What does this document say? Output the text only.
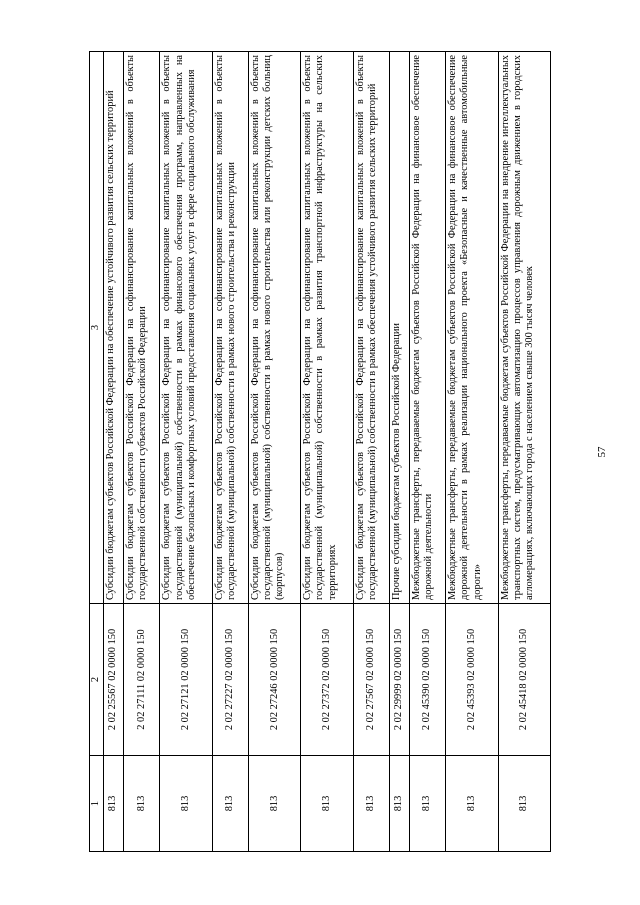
57
1	2	3
813	2 02 25567 02 0000 150	Субсидии бюджетам субъектов Российской Федерации на обеспечение устойчивого развития сельских территорий
813	2 02 27111 02 0000 150	Субсидии бюджетам субъектов Российской Федерации на софинансирование капитальных вложений в объекты государственной собственности субъектов Российской Федерации
813	2 02 27121 02 0000 150	Субсидии бюджетам субъектов Российской Федерации на софинансирование капитальных вложений в объекты государственной (муниципальной) собственности в рамках финансового обеспечения программ, направленных на обеспечение безопасных и комфортных условий предоставления социальных услуг в сфере социального обслуживания
813	2 02 27227 02 0000 150	Субсидии бюджетам субъектов Российской Федерации на софинансирование капитальных вложений в объекты государственной (муниципальной) собственности в рамках нового строительства и реконструкции
813	2 02 27246 02 0000 150	Субсидии бюджетам субъектов Российской Федерации на софинансирование капитальных вложений в объекты государственной (муниципальной) собственности в рамках нового строительства или реконструкции детских больниц (корпусов)
813	2 02 27372 02 0000 150	Субсидии бюджетам субъектов Российской Федерации на софинансирование капитальных вложений в объекты государственной (муниципальной) собственности в рамках развития транспортной инфраструктуры на сельских территориях
813	2 02 27567 02 0000 150	Субсидии бюджетам субъектов Российской Федерации на софинансирование капитальных вложений в объекты государственной (муниципальной) собственности в рамках обеспечения устойчивого развития сельских территорий
813	2 02 29999 02 0000 150	Прочие субсидии бюджетам субъектов Российской Федерации
813	2 02 45390 02 0000 150	Межбюджетные трансферты, передаваемые бюджетам субъектов Российской Федерации на финансовое обеспечение дорожной деятельности
813	2 02 45393 02 0000 150	Межбюджетные трансферты, передаваемые бюджетам субъектов Российской Федерации на финансовое обеспечение дорожной деятельности в рамках реализации национального проекта «Безопасные и качественные автомобильные дороги»
813	2 02 45418 02 0000 150	Межбюджетные трансферты, передаваемые бюджетам субъектов Российской Федерации на внедрение интеллектуальных транспортных систем, предусматривающих автоматизацию процессов управления дорожным движением в городских агломерациях, включающих города с населением свыше 300 тысяч человек
